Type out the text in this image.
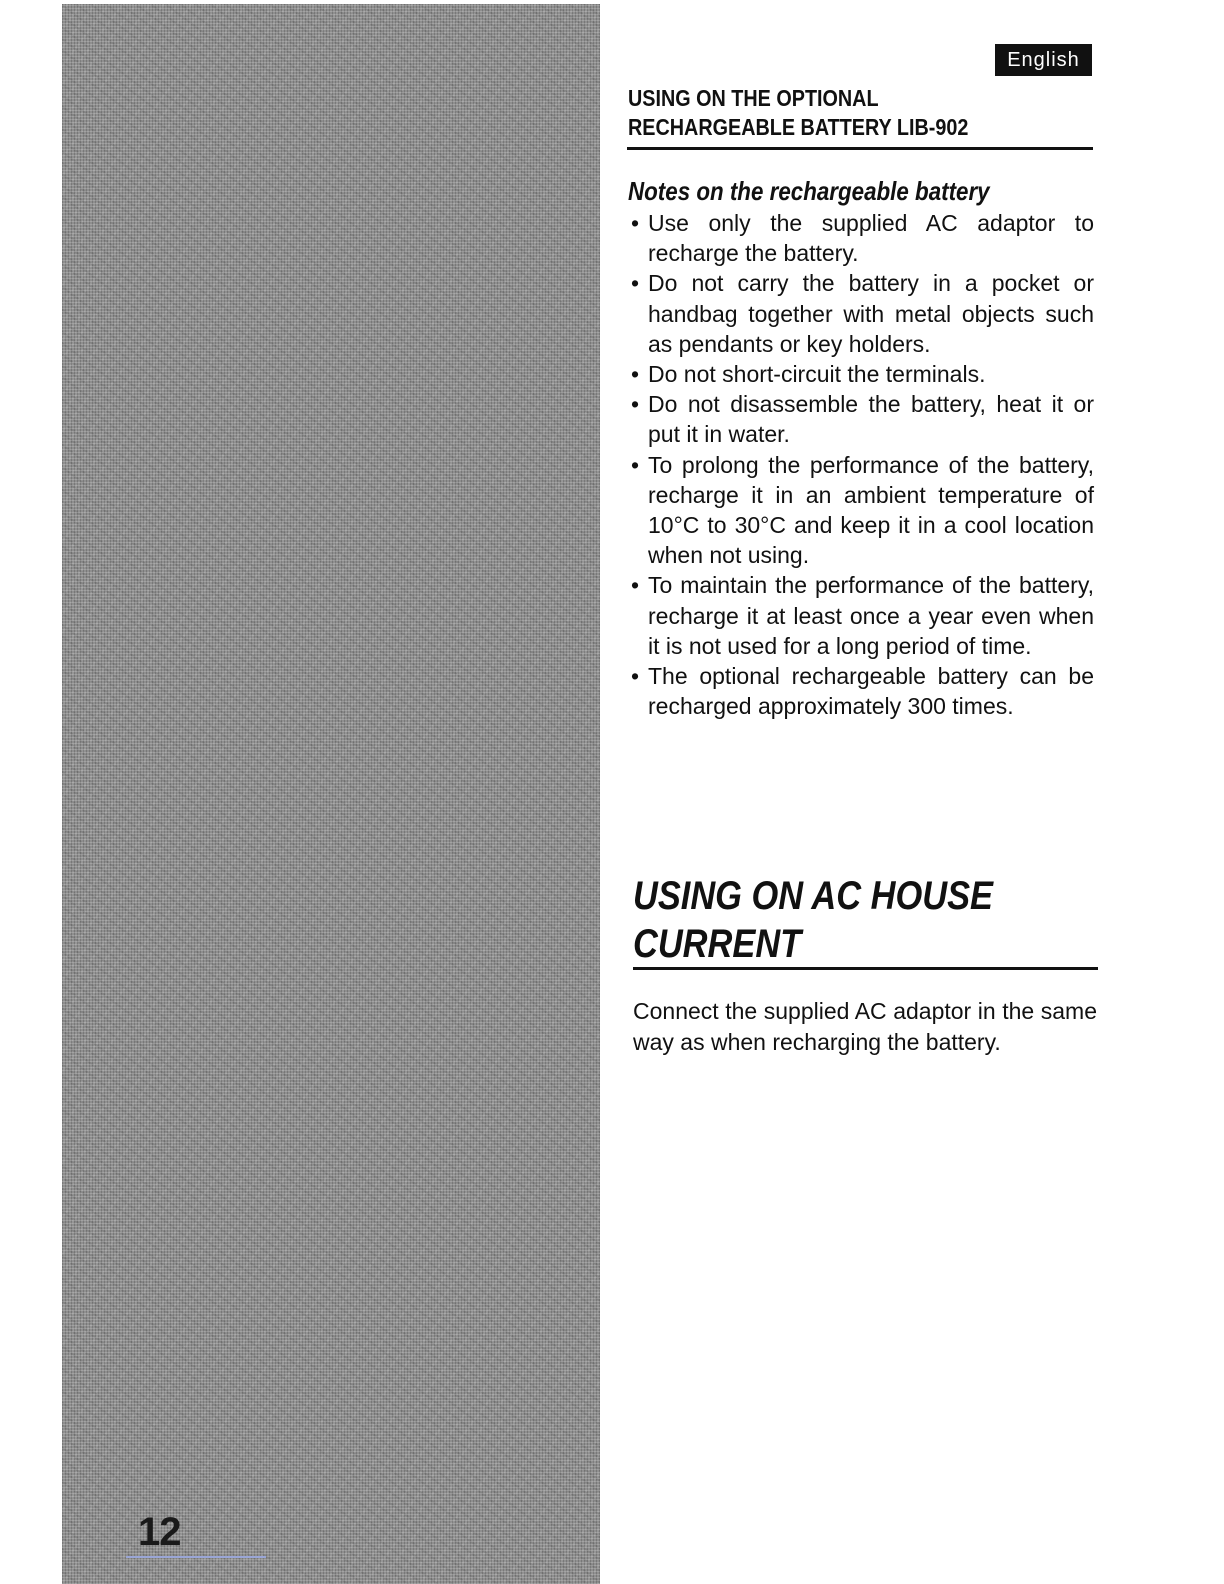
12
English
USING ON THE OPTIONAL
RECHARGEABLE BATTERY LIB-902
Notes on the rechargeable battery
• Use only the supplied AC adaptor to recharge the battery.
• Do not carry the battery in a pocket or handbag together with metal objects such as pendants or key holders.
• Do not short-circuit the terminals.
• Do not disassemble the battery, heat it or put it in water.
• To prolong the performance of the battery, recharge it in an ambient temperature of 10°C to 30°C and keep it in a cool location when not using.
• To maintain the performance of the battery, recharge it at least once a year even when it is not used for a long period of time.
• The optional rechargeable battery can be recharged approximately 300 times.
USING ON AC HOUSE
CURRENT

Connect the supplied AC adaptor in the same way as when recharging the battery.
